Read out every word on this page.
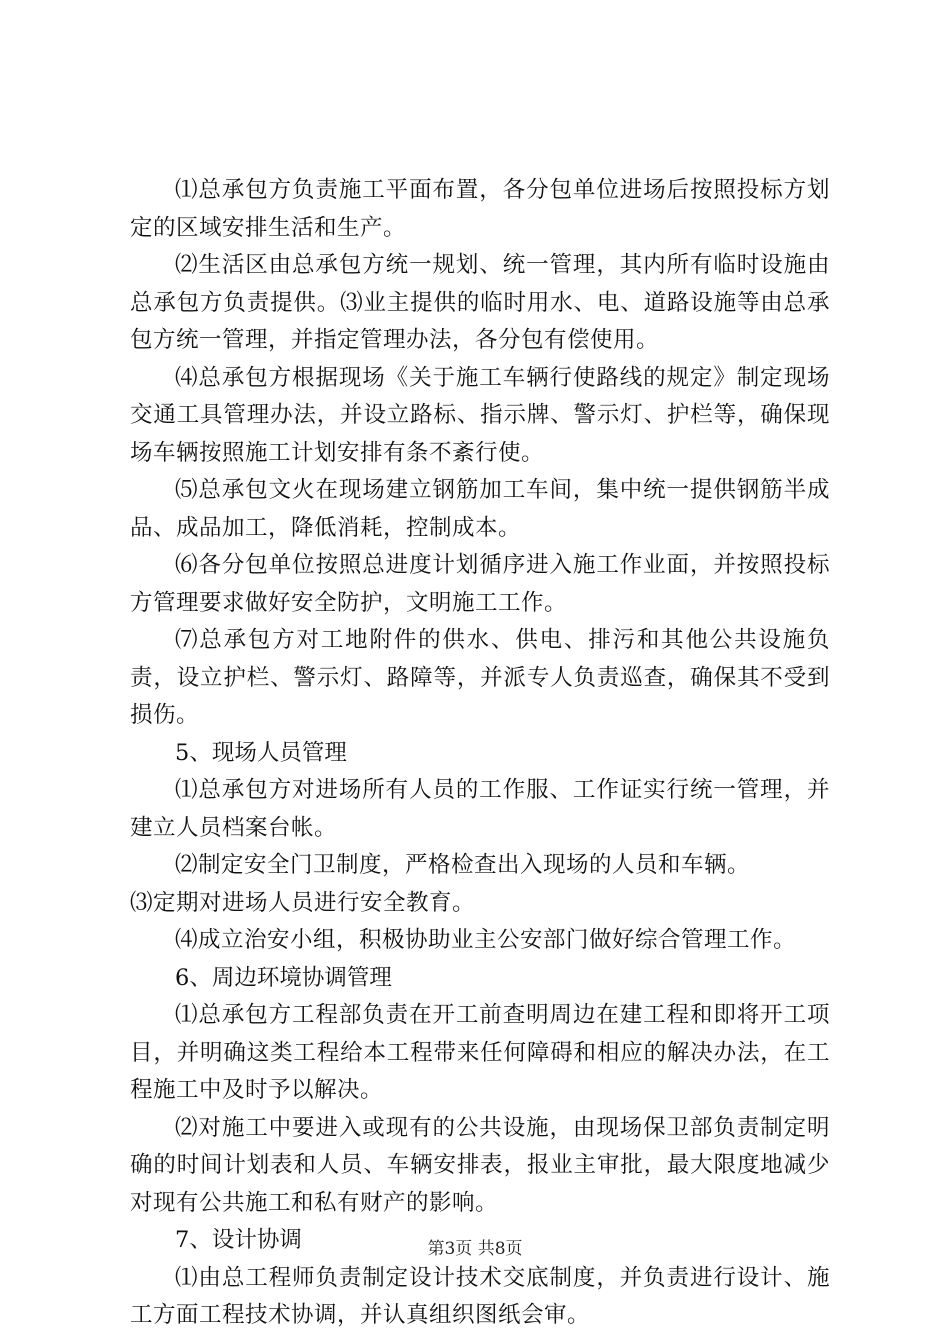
⑴总承包方负责施工平面布置，各分包单位进场后按照投标方划定的区域安排生活和生产。

⑵生活区由总承包方统一规划、统一管理，其内所有临时设施由总承包方负责提供。⑶业主提供的临时用水、电、道路设施等由总承包方统一管理，并指定管理办法，各分包有偿使用。

⑷总承包方根据现场《关于施工车辆行使路线的规定》制定现场交通工具管理办法，并设立路标、指示牌、警示灯、护栏等，确保现场车辆按照施工计划安排有条不紊行使。

⑸总承包文火在现场建立钢筋加工车间，集中统一提供钢筋半成品、成品加工，降低消耗，控制成本。

⑹各分包单位按照总进度计划循序进入施工作业面，并按照投标方管理要求做好安全防护，文明施工工作。

⑺总承包方对工地附件的供水、供电、排污和其他公共设施负责，设立护栏、警示灯、路障等，并派专人负责巡查，确保其不受到损伤。

5、现场人员管理

⑴总承包方对进场所有人员的工作服、工作证实行统一管理，并建立人员档案台帐。

⑵制定安全门卫制度，严格检查出入现场的人员和车辆。

⑶定期对进场人员进行安全教育。

⑷成立治安小组，积极协助业主公安部门做好综合管理工作。

6、周边环境协调管理

⑴总承包方工程部负责在开工前查明周边在建工程和即将开工项目，并明确这类工程给本工程带来任何障碍和相应的解决办法，在工程施工中及时予以解决。

⑵对施工中要进入或现有的公共设施，由现场保卫部负责制定明确的时间计划表和人员、车辆安排表，报业主审批，最大限度地减少对现有公共施工和私有财产的影响。

7、设计协调

⑴由总工程师负责制定设计技术交底制度，并负责进行设计、施工方面工程技术协调，并认真组织图纸会审。

第3页 共8页
